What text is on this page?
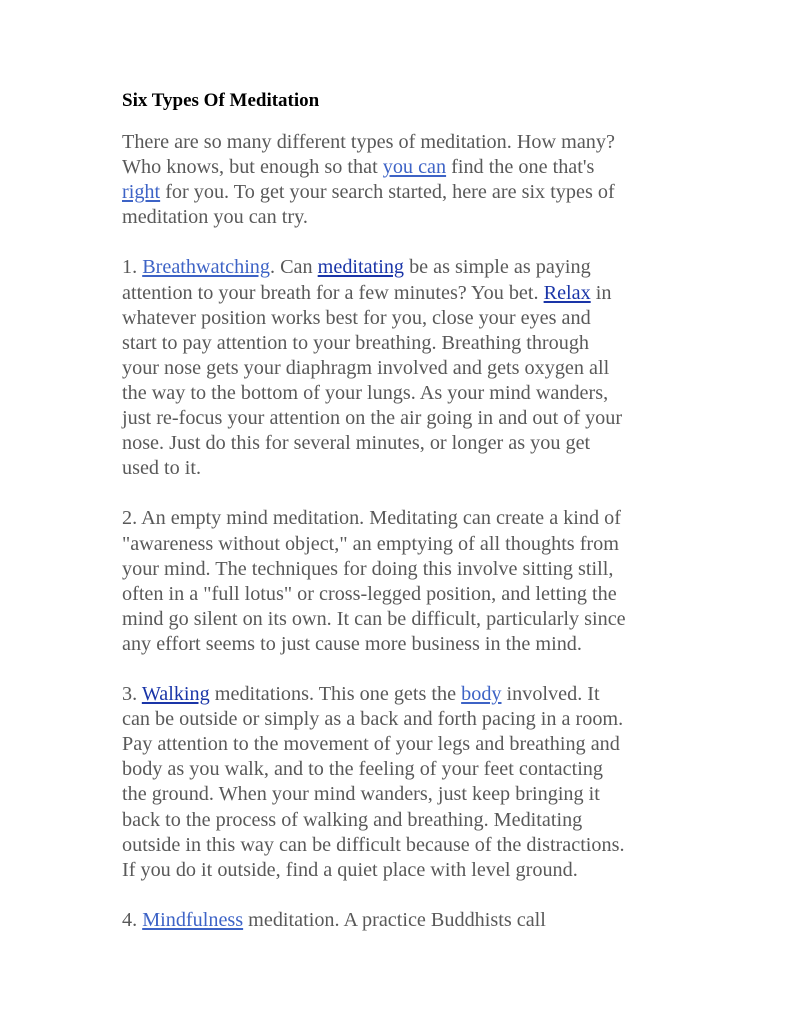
Six Types Of Meditation
There are so many different types of meditation. How many?
Who knows, but enough so that you can find the one that's
right for you. To get your search started, here are six types of
meditation you can try.
1. Breathwatching. Can meditating be as simple as paying
attention to your breath for a few minutes? You bet. Relax in
whatever position works best for you, close your eyes and
start to pay attention to your breathing. Breathing through
your nose gets your diaphragm involved and gets oxygen all
the way to the bottom of your lungs. As your mind wanders,
just re-focus your attention on the air going in and out of your
nose. Just do this for several minutes, or longer as you get
used to it.
2. An empty mind meditation. Meditating can create a kind of
"awareness without object," an emptying of all thoughts from
your mind. The techniques for doing this involve sitting still,
often in a "full lotus" or cross-legged position, and letting the
mind go silent on its own. It can be difficult, particularly since
any effort seems to just cause more business in the mind.
3. Walking meditations. This one gets the body involved. It
can be outside or simply as a back and forth pacing in a room.
Pay attention to the movement of your legs and breathing and
body as you walk, and to the feeling of your feet contacting
the ground. When your mind wanders, just keep bringing it
back to the process of walking and breathing. Meditating
outside in this way can be difficult because of the distractions.
If you do it outside, find a quiet place with level ground.
4. Mindfulness meditation. A practice Buddhists call
